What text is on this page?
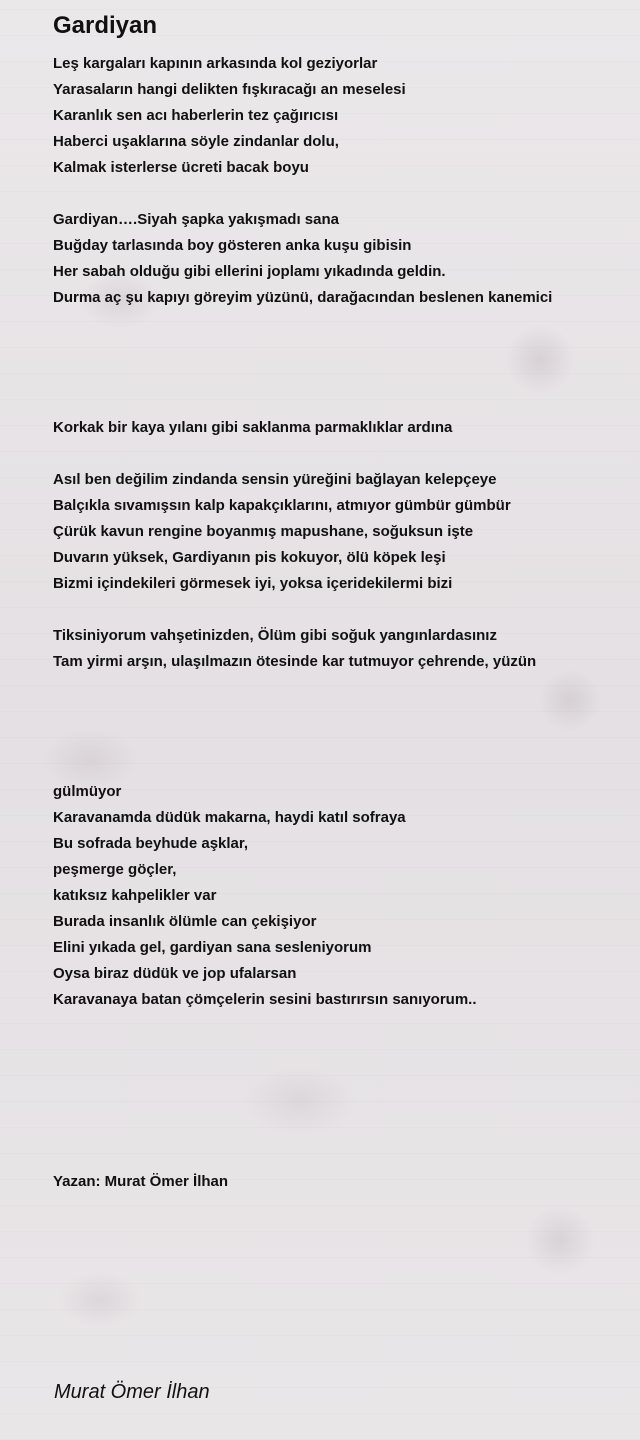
Gardiyan
Leş kargaları kapının arkasında kol geziyorlar
Yarasaların hangi delikten fışkıracağı an meselesi
Karanlık sen acı haberlerin tez çağırıcısı
Haberci uşaklarına söyle zindanlar dolu,
Kalmak isterlerse ücreti bacak boyu
Gardiyan….Siyah şapka yakışmadı sana
Buğday tarlasında boy gösteren anka kuşu gibisin
Her sabah olduğu gibi ellerini joplamı yıkadında geldin.
Durma aç şu kapıyı göreyim yüzünü, darağacından beslenen kanemici
Korkak bir kaya yılanı gibi saklanma parmaklıklar ardına
Asıl ben değilim zindanda sensin yüreğini bağlayan kelepçeye
Balçıkla sıvamışsın kalp kapakçıklarını, atmıyor gümbür gümbür
Çürük kavun rengine boyanmış mapushane, soğuksun işte
Duvarın yüksek, Gardiyanın pis kokuyor, ölü köpek leşi
Bizmi içindekileri görmesek iyi, yoksa içeridekilermi bizi
Tiksiniyorum vahşetinizden, Ölüm gibi soğuk yangınlardasınız
Tam yirmi arşın, ulaşılmazın ötesinde kar tutmuyor çehrende, yüzün
gülmüyor
Karavanamda düdük makarna, haydi katıl sofraya
Bu sofrada beyhude aşklar,
peşmerge göçler,
katıksız kahpelikler var
Burada insanlık ölümle can çekişiyor
Elini yıkada gel, gardiyan sana sesleniyorum
Oysa biraz düdük ve jop ufalarsan
Karavanaya batan çömçelerin sesini bastırırsın sanıyorum..
Yazan: Murat Ömer İlhan
Murat Ömer İlhan
